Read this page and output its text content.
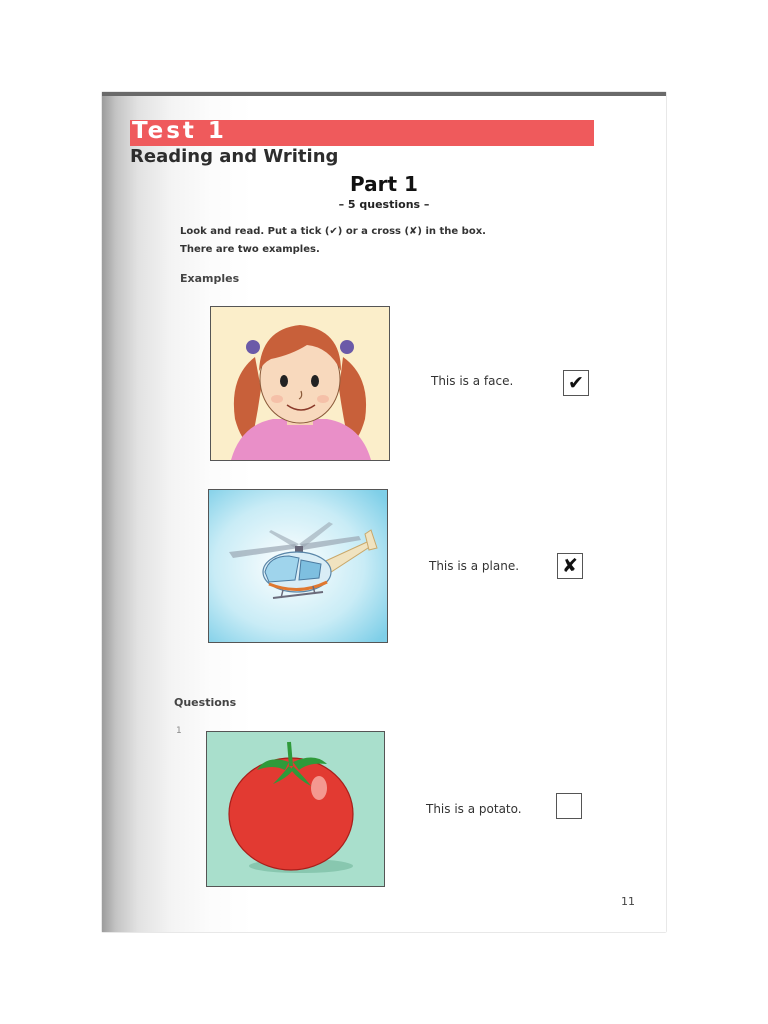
Test 1
Reading and Writing
Part 1
– 5 questions –
Look and read. Put a tick (✔) or a cross (✘) in the box.
There are two examples.
Examples
This is a face.	✔
This is a plane. ✘
Questions
1
This is a potato.
11
